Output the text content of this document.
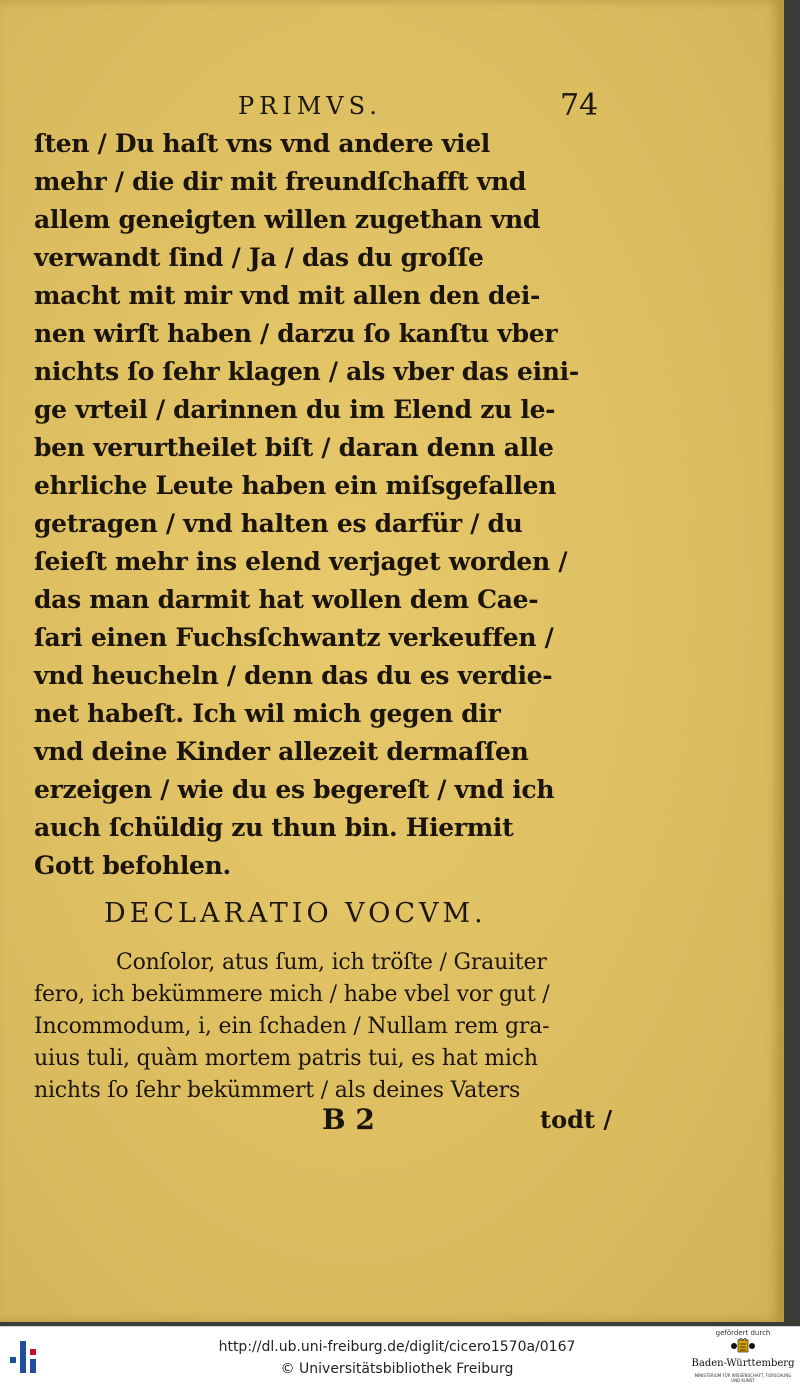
PRIMVS.	74
ſten / Du haſt vns vnd andere viel
mehr / die dir mit freundſchafft vnd
allem geneigten willen zugethan vnd
verwandt ſind / Ja / das du groſſe
macht mit mir vnd mit allen den dei-
nen wirſt haben / darzu ſo kanſtu vber
nichts ſo ſehr klagen / als vber das eini-
ge vrteil / darinnen du im Elend zu le-
ben verurtheilet biſt / daran denn alle
ehrliche Leute haben ein miſsgefallen
getragen / vnd halten es darfür / du
ſeieſt mehr ins elend verjaget worden /
das man darmit hat wollen dem Cae-
ſari einen Fuchsſchwantz verkeuffen /
vnd heucheln / denn das du es verdie-
net habeſt. Ich wil mich gegen dir
vnd deine Kinder allezeit dermaſſen
erzeigen / wie du es begereſt / vnd ich
auch ſchüldig zu thun bin. Hiermit
Gott befohlen.
DECLARATIO VOCVM.
Conſolor, atus ſum, ich tröſte / Grauiter
fero, ich bekümmere mich / habe vbel vor gut /
Incommodum, i, ein ſchaden / Nullam rem gra-
uius tuli, quàm mortem patris tui, es hat mich
nichts ſo ſehr bekümmert / als deines Vaters
B 2	todt /
http://dl.ub.uni-freiburg.de/diglit/cicero1570a/0167
© Universitätsbibliothek Freiburg
gefördert durch
Baden-Württemberg
MINISTERIUM FÜR WISSENSCHAFT, FORSCHUNG UND KUNST
